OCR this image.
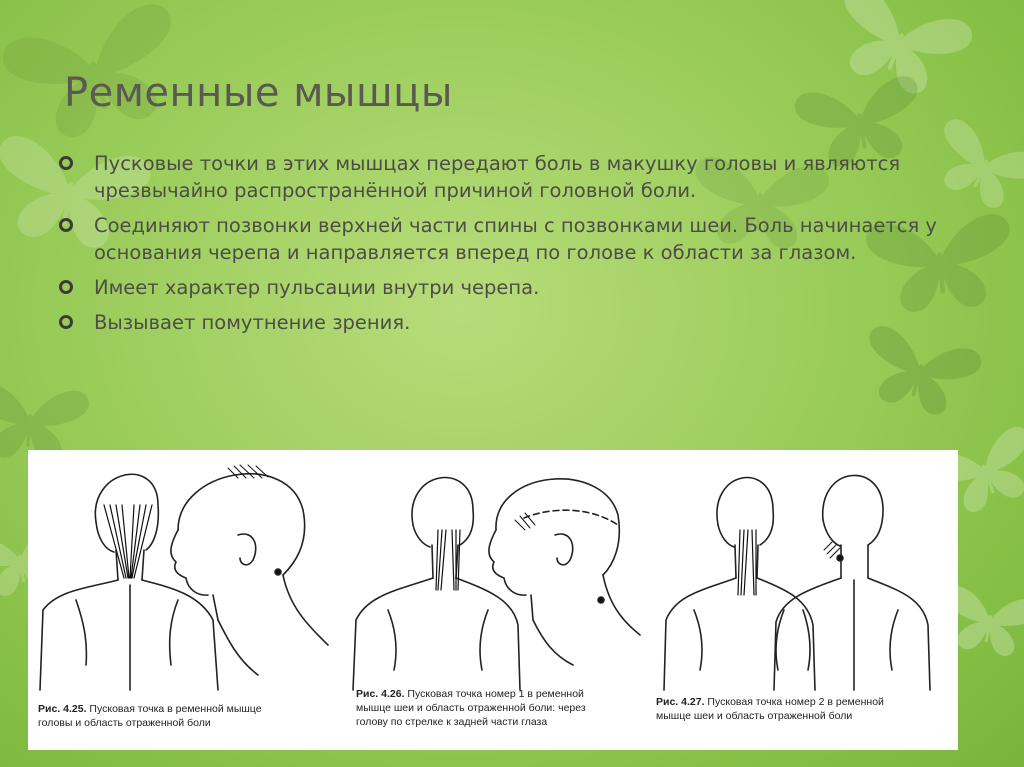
Ременные мышцы
Пусковые точки в этих мышцах передают боль в макушку головы и являются чрезвычайно распространённой причиной головной боли.
Соединяют позвонки верхней части спины с позвонками шеи. Боль начинается у основания черепа и направляется вперед по голове к области за глазом.
Имеет характер пульсации внутри черепа.
Вызывает помутнение зрения.
Рис. 4.25. Пусковая точка в ременной мышце головы и область отраженной боли
Рис. 4.26. Пусковая точка номер 1 в ременной мышце шеи и область отраженной боли: через голову по стрелке к задней части глаза
Рис. 4.27. Пусковая точка номер 2 в ременной мышце шеи и область отраженной боли
